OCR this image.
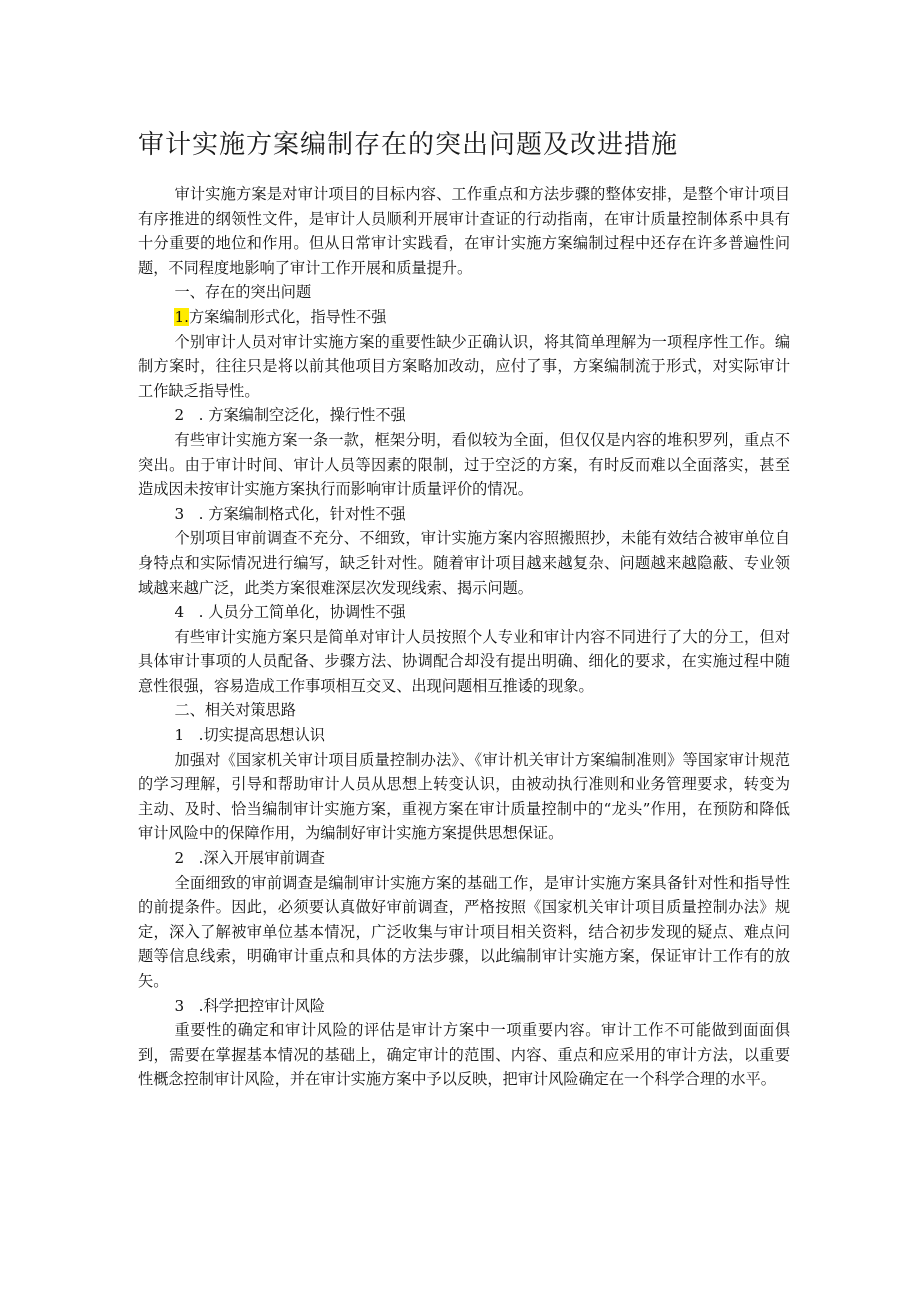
审计实施方案编制存在的突出问题及改进措施

审计实施方案是对审计项目的目标内容、工作重点和方法步骤的整体安排，是整个审计项目有序推进的纲领性文件，是审计人员顺利开展审计查证的行动指南，在审计质量控制体系中具有十分重要的地位和作用。但从日常审计实践看，在审计实施方案编制过程中还存在许多普遍性问题，不同程度地影响了审计工作开展和质量提升。

一、存在的突出问题

1.方案编制形式化，指导性不强

个别审计人员对审计实施方案的重要性缺少正确认识，将其简单理解为一项程序性工作。编制方案时，往往只是将以前其他项目方案略加改动，应付了事，方案编制流于形式，对实际审计工作缺乏指导性。

2 . 方案编制空泛化，操行性不强

有些审计实施方案一条一款，框架分明，看似较为全面，但仅仅是内容的堆积罗列，重点不突出。由于审计时间、审计人员等因素的限制，过于空泛的方案，有时反而难以全面落实，甚至造成因未按审计实施方案执行而影响审计质量评价的情况。

3 . 方案编制格式化，针对性不强

个别项目审前调查不充分、不细致，审计实施方案内容照搬照抄，未能有效结合被审单位自身特点和实际情况进行编写，缺乏针对性。随着审计项目越来越复杂、问题越来越隐蔽、专业领域越来越广泛，此类方案很难深层次发现线索、揭示问题。

4 . 人员分工简单化，协调性不强

有些审计实施方案只是简单对审计人员按照个人专业和审计内容不同进行了大的分工，但对具体审计事项的人员配备、步骤方法、协调配合却没有提出明确、细化的要求，在实施过程中随意性很强，容易造成工作事项相互交叉、出现问题相互推诿的现象。

二、相关对策思路

1   .切实提高思想认识

加强对《国家机关审计项目质量控制办法》、《审计机关审计方案编制准则》等国家审计规范的学习理解，引导和帮助审计人员从思想上转变认识，由被动执行准则和业务管理要求，转变为主动、及时、恰当编制审计实施方案，重视方案在审计质量控制中的“龙头”作用，在预防和降低审计风险中的保障作用，为编制好审计实施方案提供思想保证。

2   .深入开展审前调查

全面细致的审前调查是编制审计实施方案的基础工作，是审计实施方案具备针对性和指导性的前提条件。因此，必须要认真做好审前调查，严格按照《国家机关审计项目质量控制办法》规定，深入了解被审单位基本情况，广泛收集与审计项目相关资料，结合初步发现的疑点、难点问题等信息线索，明确审计重点和具体的方法步骤，以此编制审计实施方案，保证审计工作有的放矢。

3   .科学把控审计风险

重要性的确定和审计风险的评估是审计方案中一项重要内容。审计工作不可能做到面面俱到，需要在掌握基本情况的基础上，确定审计的范围、内容、重点和应采用的审计方法，以重要性概念控制审计风险，并在审计实施方案中予以反映，把审计风险确定在一个科学合理的水平。
